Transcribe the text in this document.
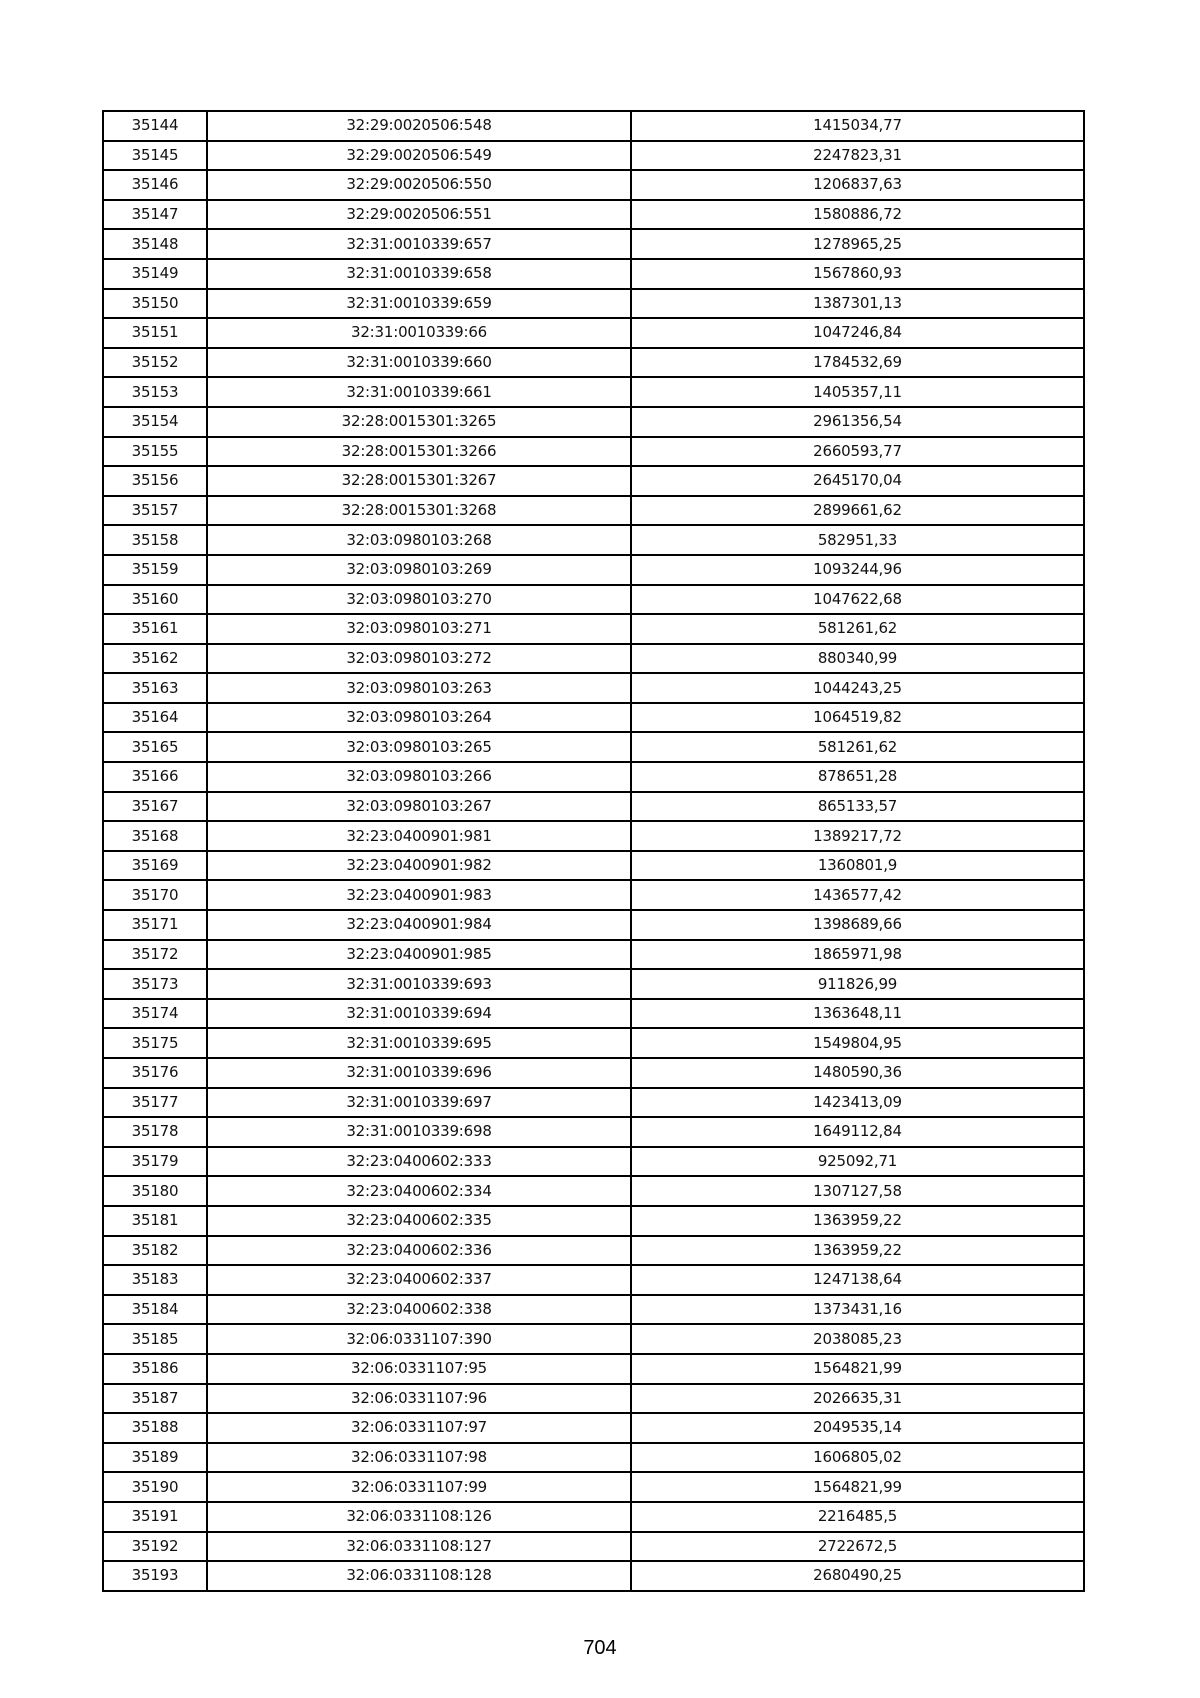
35144	32:29:0020506:548	1415034,77
35145	32:29:0020506:549	2247823,31
35146	32:29:0020506:550	1206837,63
35147	32:29:0020506:551	1580886,72
35148	32:31:0010339:657	1278965,25
35149	32:31:0010339:658	1567860,93
35150	32:31:0010339:659	1387301,13
35151	32:31:0010339:66	1047246,84
35152	32:31:0010339:660	1784532,69
35153	32:31:0010339:661	1405357,11
35154	32:28:0015301:3265	2961356,54
35155	32:28:0015301:3266	2660593,77
35156	32:28:0015301:3267	2645170,04
35157	32:28:0015301:3268	2899661,62
35158	32:03:0980103:268	582951,33
35159	32:03:0980103:269	1093244,96
35160	32:03:0980103:270	1047622,68
35161	32:03:0980103:271	581261,62
35162	32:03:0980103:272	880340,99
35163	32:03:0980103:263	1044243,25
35164	32:03:0980103:264	1064519,82
35165	32:03:0980103:265	581261,62
35166	32:03:0980103:266	878651,28
35167	32:03:0980103:267	865133,57
35168	32:23:0400901:981	1389217,72
35169	32:23:0400901:982	1360801,9
35170	32:23:0400901:983	1436577,42
35171	32:23:0400901:984	1398689,66
35172	32:23:0400901:985	1865971,98
35173	32:31:0010339:693	911826,99
35174	32:31:0010339:694	1363648,11
35175	32:31:0010339:695	1549804,95
35176	32:31:0010339:696	1480590,36
35177	32:31:0010339:697	1423413,09
35178	32:31:0010339:698	1649112,84
35179	32:23:0400602:333	925092,71
35180	32:23:0400602:334	1307127,58
35181	32:23:0400602:335	1363959,22
35182	32:23:0400602:336	1363959,22
35183	32:23:0400602:337	1247138,64
35184	32:23:0400602:338	1373431,16
35185	32:06:0331107:390	2038085,23
35186	32:06:0331107:95	1564821,99
35187	32:06:0331107:96	2026635,31
35188	32:06:0331107:97	2049535,14
35189	32:06:0331107:98	1606805,02
35190	32:06:0331107:99	1564821,99
35191	32:06:0331108:126	2216485,5
35192	32:06:0331108:127	2722672,5
35193	32:06:0331108:128	2680490,25
704
